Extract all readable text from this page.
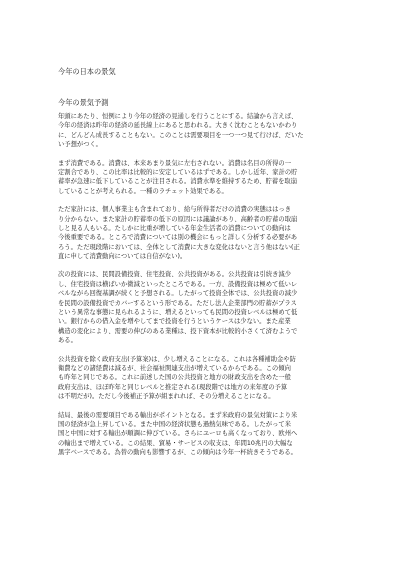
今年の日本の景気
今年の景気予測
年頭にあたり、恒例により今年の経済の見通しを行うことにする。結論から言えば、
今年の経済は昨年の経済の延長線上にあると思われる。大きく沈むこともないかわり
に、どんどん成長することもない。このことは需要項目を一つ一つ見て行けば、だいた
い予想がつく。
まず消費である。消費は、本来あまり景気に左右されない。消費は名目の所得の一
定割合であり、この比率は比較的に安定しているはずである。しかし近年、家計の貯
蓄率が急速に低下していることが注目される。消費水準を維持するため、貯蓄を取崩
していることが考えられる。一種のラチェット効果である。
ただ家計には、個人事業主も含まれており、給与所得者だけの消費の実態ははっき
り分からない。また家計の貯蓄率の低下の原因には議論があり、高齢者の貯蓄の取崩
しと見る人もいる。たしかに比重が増している年金生活者の消費についての動向は
今後重要である。ところで消費については別の機会にもっと詳しく分析する必要があ
ろう。ただ現段階においては、全体として消費に大きな変化はないと言う他はない(正
直に申して消費動向については自信がない)。
次の投資には、民間設備投資、住宅投資、公共投資がある。公共投資は引続き減少
し、住宅投資は横ばいか微減といったところである。一方、設備投資は極めて低いレ
ベルながら回復基調が続くと予想される。したがって投資全体では、公共投資の減少
を民間の設備投資でカバーするという形である。ただし法人企業部門の貯蓄がプラス
という異常な事態に見られるように、増えるといっても民間の投資レベルは極めて低
い。銀行からの借入金を増やしてまで投資を行うというケースは少ない。また産業
構造の変化により、需要の伸びのある業種は、投下資本が比較的小さくて済むようで
ある。
公共投資を除く政府支出(予算案)は、少し増えることになる。これは各種補助金や防
衛費などの諸経費は減るが、社会福祉関連支出が増えているからである。この傾向
も昨年と同じである。これに前述した国の公共投資と地方の財政支出を含めた一般
政府支出は、ほぼ昨年と同じレベルと推定される(現段階では地方の来年度の予算
は不明だが)。ただし今後補正予算が組まれれば、その分増えることになる。
結局、最後の需要項目である輸出がポイントとなる。まず米政府の景気対策により米
国の経済が急上昇している。また中国の経済状態も過熱気味である。したがって米
国と中国に対する輸出が順調に伸びている。さらにユーロも高くなっており、欧州へ
の輸出まで増えている。この結果、貿易・サービスの収支は、年間10兆円の大幅な
黒字ベースである。為替の動向も影響するが、この傾向は今年一杯続きそうである。
